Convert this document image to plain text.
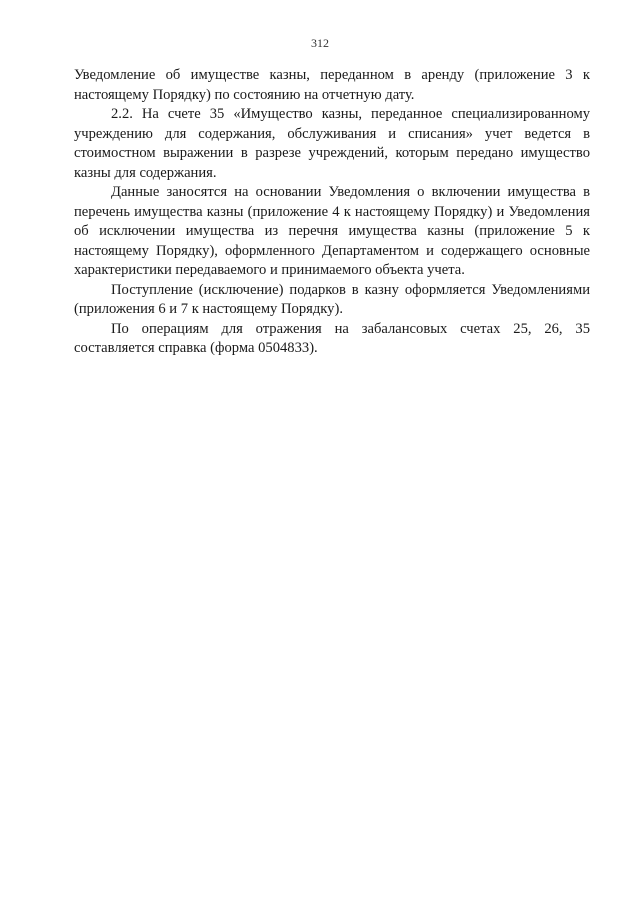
312

Уведомление об имуществе казны, переданном в аренду (приложение 3 к настоящему Порядку) по состоянию на отчетную дату.

2.2. На счете 35 «Имущество казны, переданное специализированному учреждению для содержания, обслуживания и списания» учет ведется в стоимостном выражении в разрезе учреждений, которым передано имущество казны для содержания.

Данные заносятся на основании Уведомления о включении имущества в перечень имущества казны (приложение 4 к настоящему Порядку) и Уведомления об исключении имущества из перечня имущества казны (приложение 5 к настоящему Порядку), оформленного Департаментом и содержащего основные характеристики передаваемого и принимаемого объекта учета.

Поступление (исключение) подарков в казну оформляется Уведомлениями (приложения 6 и 7 к настоящему Порядку).

По операциям для отражения на забалансовых счетах 25, 26, 35 составляется справка (форма 0504833).
